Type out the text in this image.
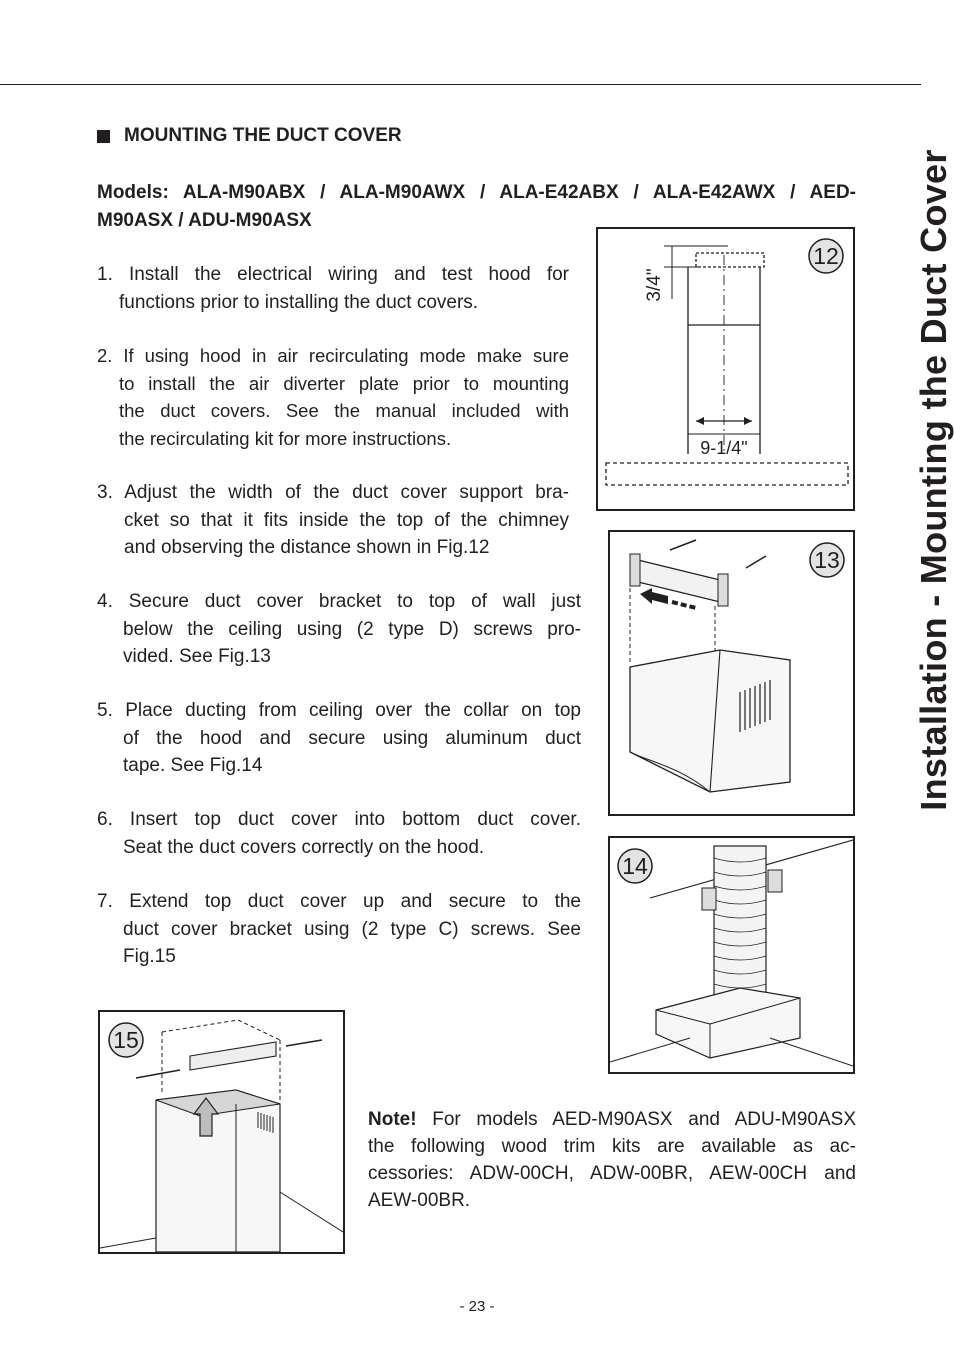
Installation - Mounting the Duct Cover
MOUNTING THE DUCT COVER
Models: ALA-M90ABX / ALA-M90AWX / ALA-E42ABX / ALA-E42AWX / AED-
M90ASX / ADU-M90ASX
1. Install the electrical wiring and test hood for
functions prior to installing the duct covers.
2. If using hood in air recirculating mode make sure
to install the air diverter plate prior to mounting
the duct covers. See the manual included with
the recirculating kit for more instructions.
3. Adjust the width of the duct cover support bra-
cket so that it fits inside the top of the chimney
and observing the distance shown in Fig.12
4. Secure duct cover bracket to top of wall just
below the ceiling using (2 type D) screws pro-
vided. See Fig.13
5. Place ducting from ceiling over the collar on top
of the hood and secure using aluminum duct
tape. See Fig.14
6. Insert top duct cover into bottom duct cover.
Seat the duct covers correctly on the hood.
7. Extend top duct cover up and secure to the
duct cover bracket using (2 type C) screws. See
Fig.15
12
3/4"
9-1/4"
13
14
15
Note! For models AED-M90ASX and ADU-M90ASX
the following wood trim kits are available as ac-
cessories: ADW-00CH, ADW-00BR, AEW-00CH and
AEW-00BR.
- 23 -
